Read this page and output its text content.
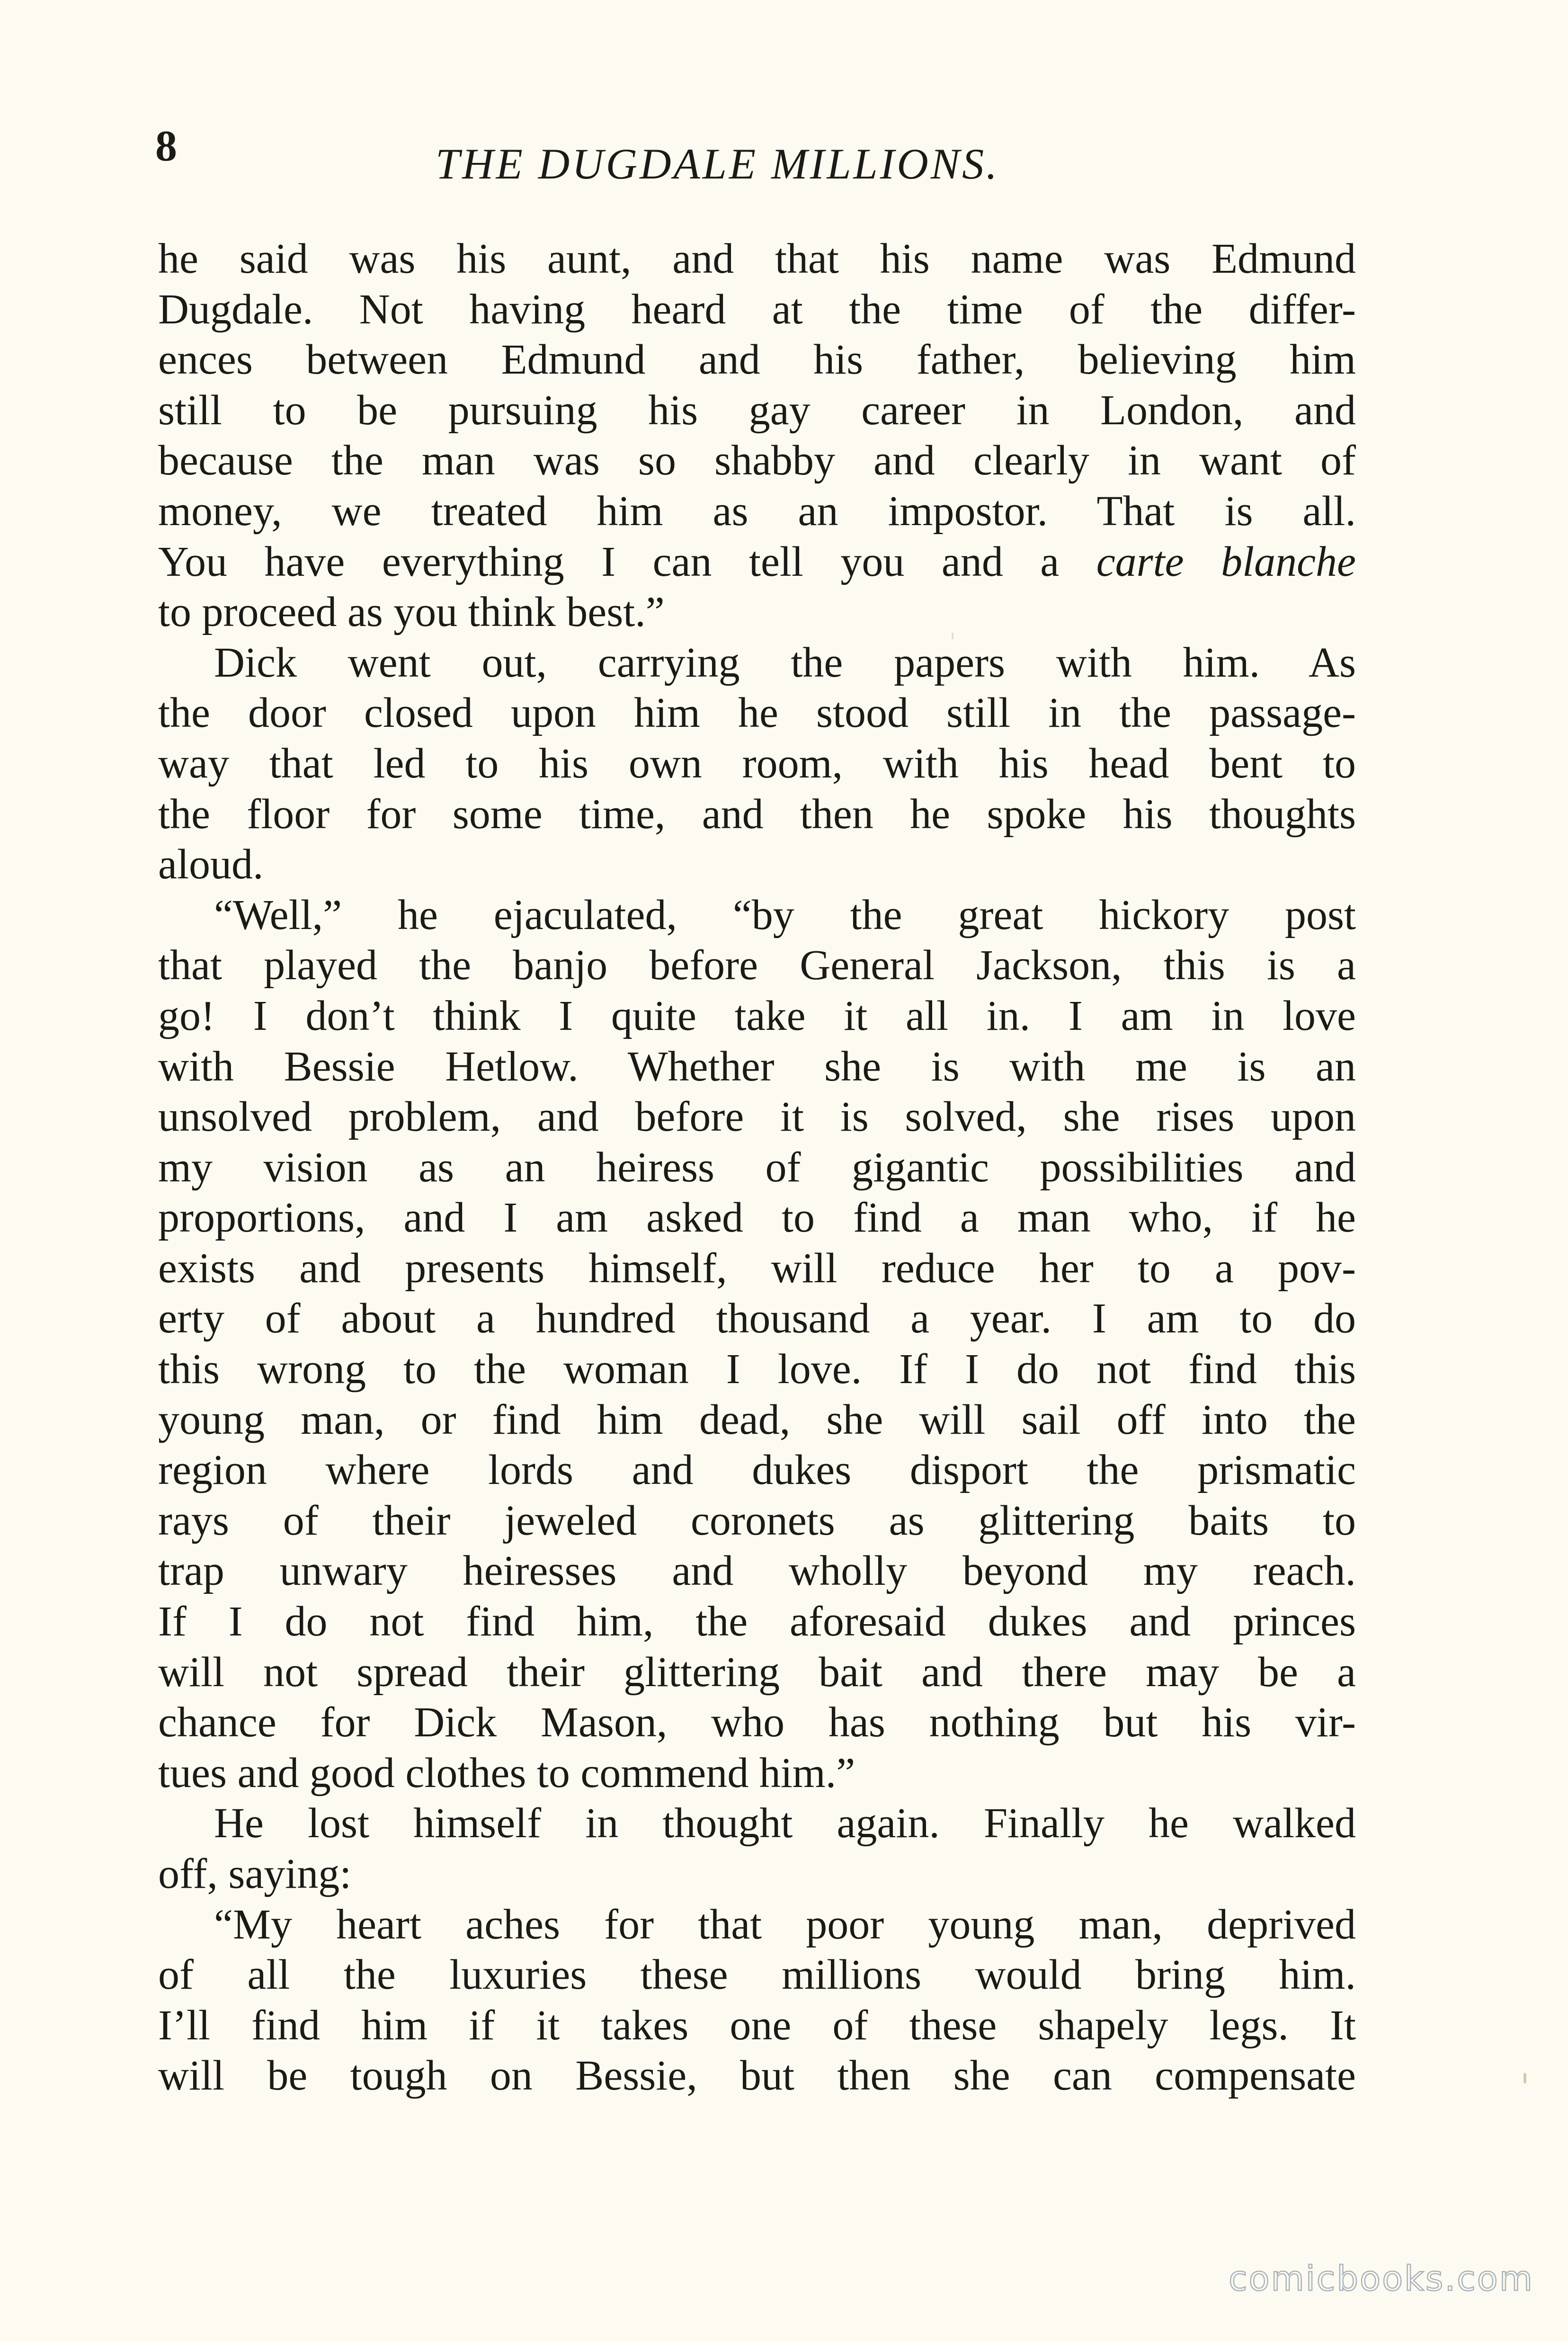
8	THE DUGDALE MILLIONS.
he said was his aunt, and that his name was Edmund
Dugdale. Not having heard at the time of the differ-
ences between Edmund and his father, believing him
still to be pursuing his gay career in London, and
because the man was so shabby and clearly in want of
money, we treated him as an impostor. That is all.
You have everything I can tell you and a carte blanche
to proceed as you think best.”
Dick went out, carrying the papers with him. As
the door closed upon him he stood still in the passage-
way that led to his own room, with his head bent to
the floor for some time, and then he spoke his thoughts
aloud.
“Well,” he ejaculated, “by the great hickory post
that played the banjo before General Jackson, this is a
go! I don’t think I quite take it all in. I am in love
with Bessie Hetlow. Whether she is with me is an
unsolved problem, and before it is solved, she rises upon
my vision as an heiress of gigantic possibilities and
proportions, and I am asked to find a man who, if he
exists and presents himself, will reduce her to a pov-
erty of about a hundred thousand a year. I am to do
this wrong to the woman I love. If I do not find this
young man, or find him dead, she will sail off into the
region where lords and dukes disport the prismatic
rays of their jeweled coronets as glittering baits to
trap unwary heiresses and wholly beyond my reach.
If I do not find him, the aforesaid dukes and princes
will not spread their glittering bait and there may be a
chance for Dick Mason, who has nothing but his vir-
tues and good clothes to commend him.”
He lost himself in thought again. Finally he walked
off, saying:
“My heart aches for that poor young man, deprived
of all the luxuries these millions would bring him.
I’ll find him if it takes one of these shapely legs. It
will be tough on Bessie, but then she can compensate
comicbooks.com
